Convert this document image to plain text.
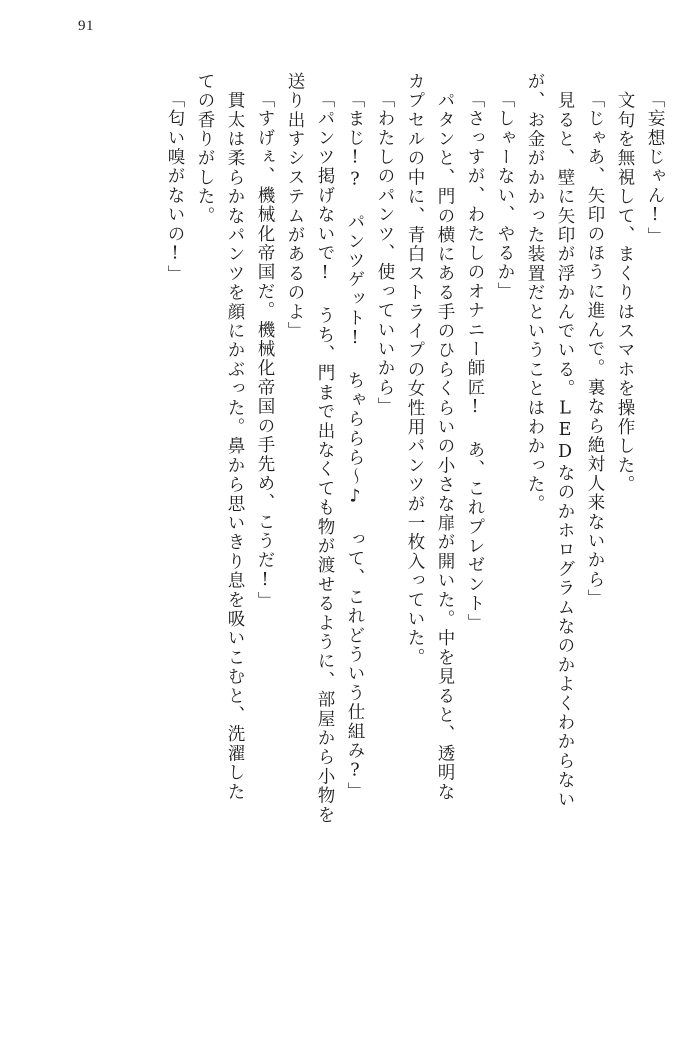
91
「妄想じゃん!」
　文句を無視して、まくりはスマホを操作した。
「じゃあ、矢印のほうに進んで。裏なら絶対人来ないから」
　見ると、壁に矢印が浮かんでいる。LEDなのかホログラムなのかよくわからない
が、お金がかかった装置だということはわかった。
「しゃーない、やるか」
「さっすが、わたしのオナニー師匠! あ、これプレゼント」
　パタンと、門の横にある手のひらくらいの小さな扉が開いた。中を見ると、透明な
カプセルの中に、青白ストライプの女性用パンツが一枚入っていた。
「わたしのパンツ、使っていいから」
「まじ!? パンツゲット! ちゃららら〜♪ って、これどういう仕組み?」
「パンツ掲げないで! うち、門まで出なくても物が渡せるように、部屋から小物を
送り出すシステムがあるのよ」
「すげぇ、機械化帝国だ。機械化帝国の手先め、こうだ!」
　貫太は柔らかなパンツを顔にかぶった。鼻から思いきり息を吸いこむと、洗濯した
ての香りがした。
「匂い嗅がないの!」
